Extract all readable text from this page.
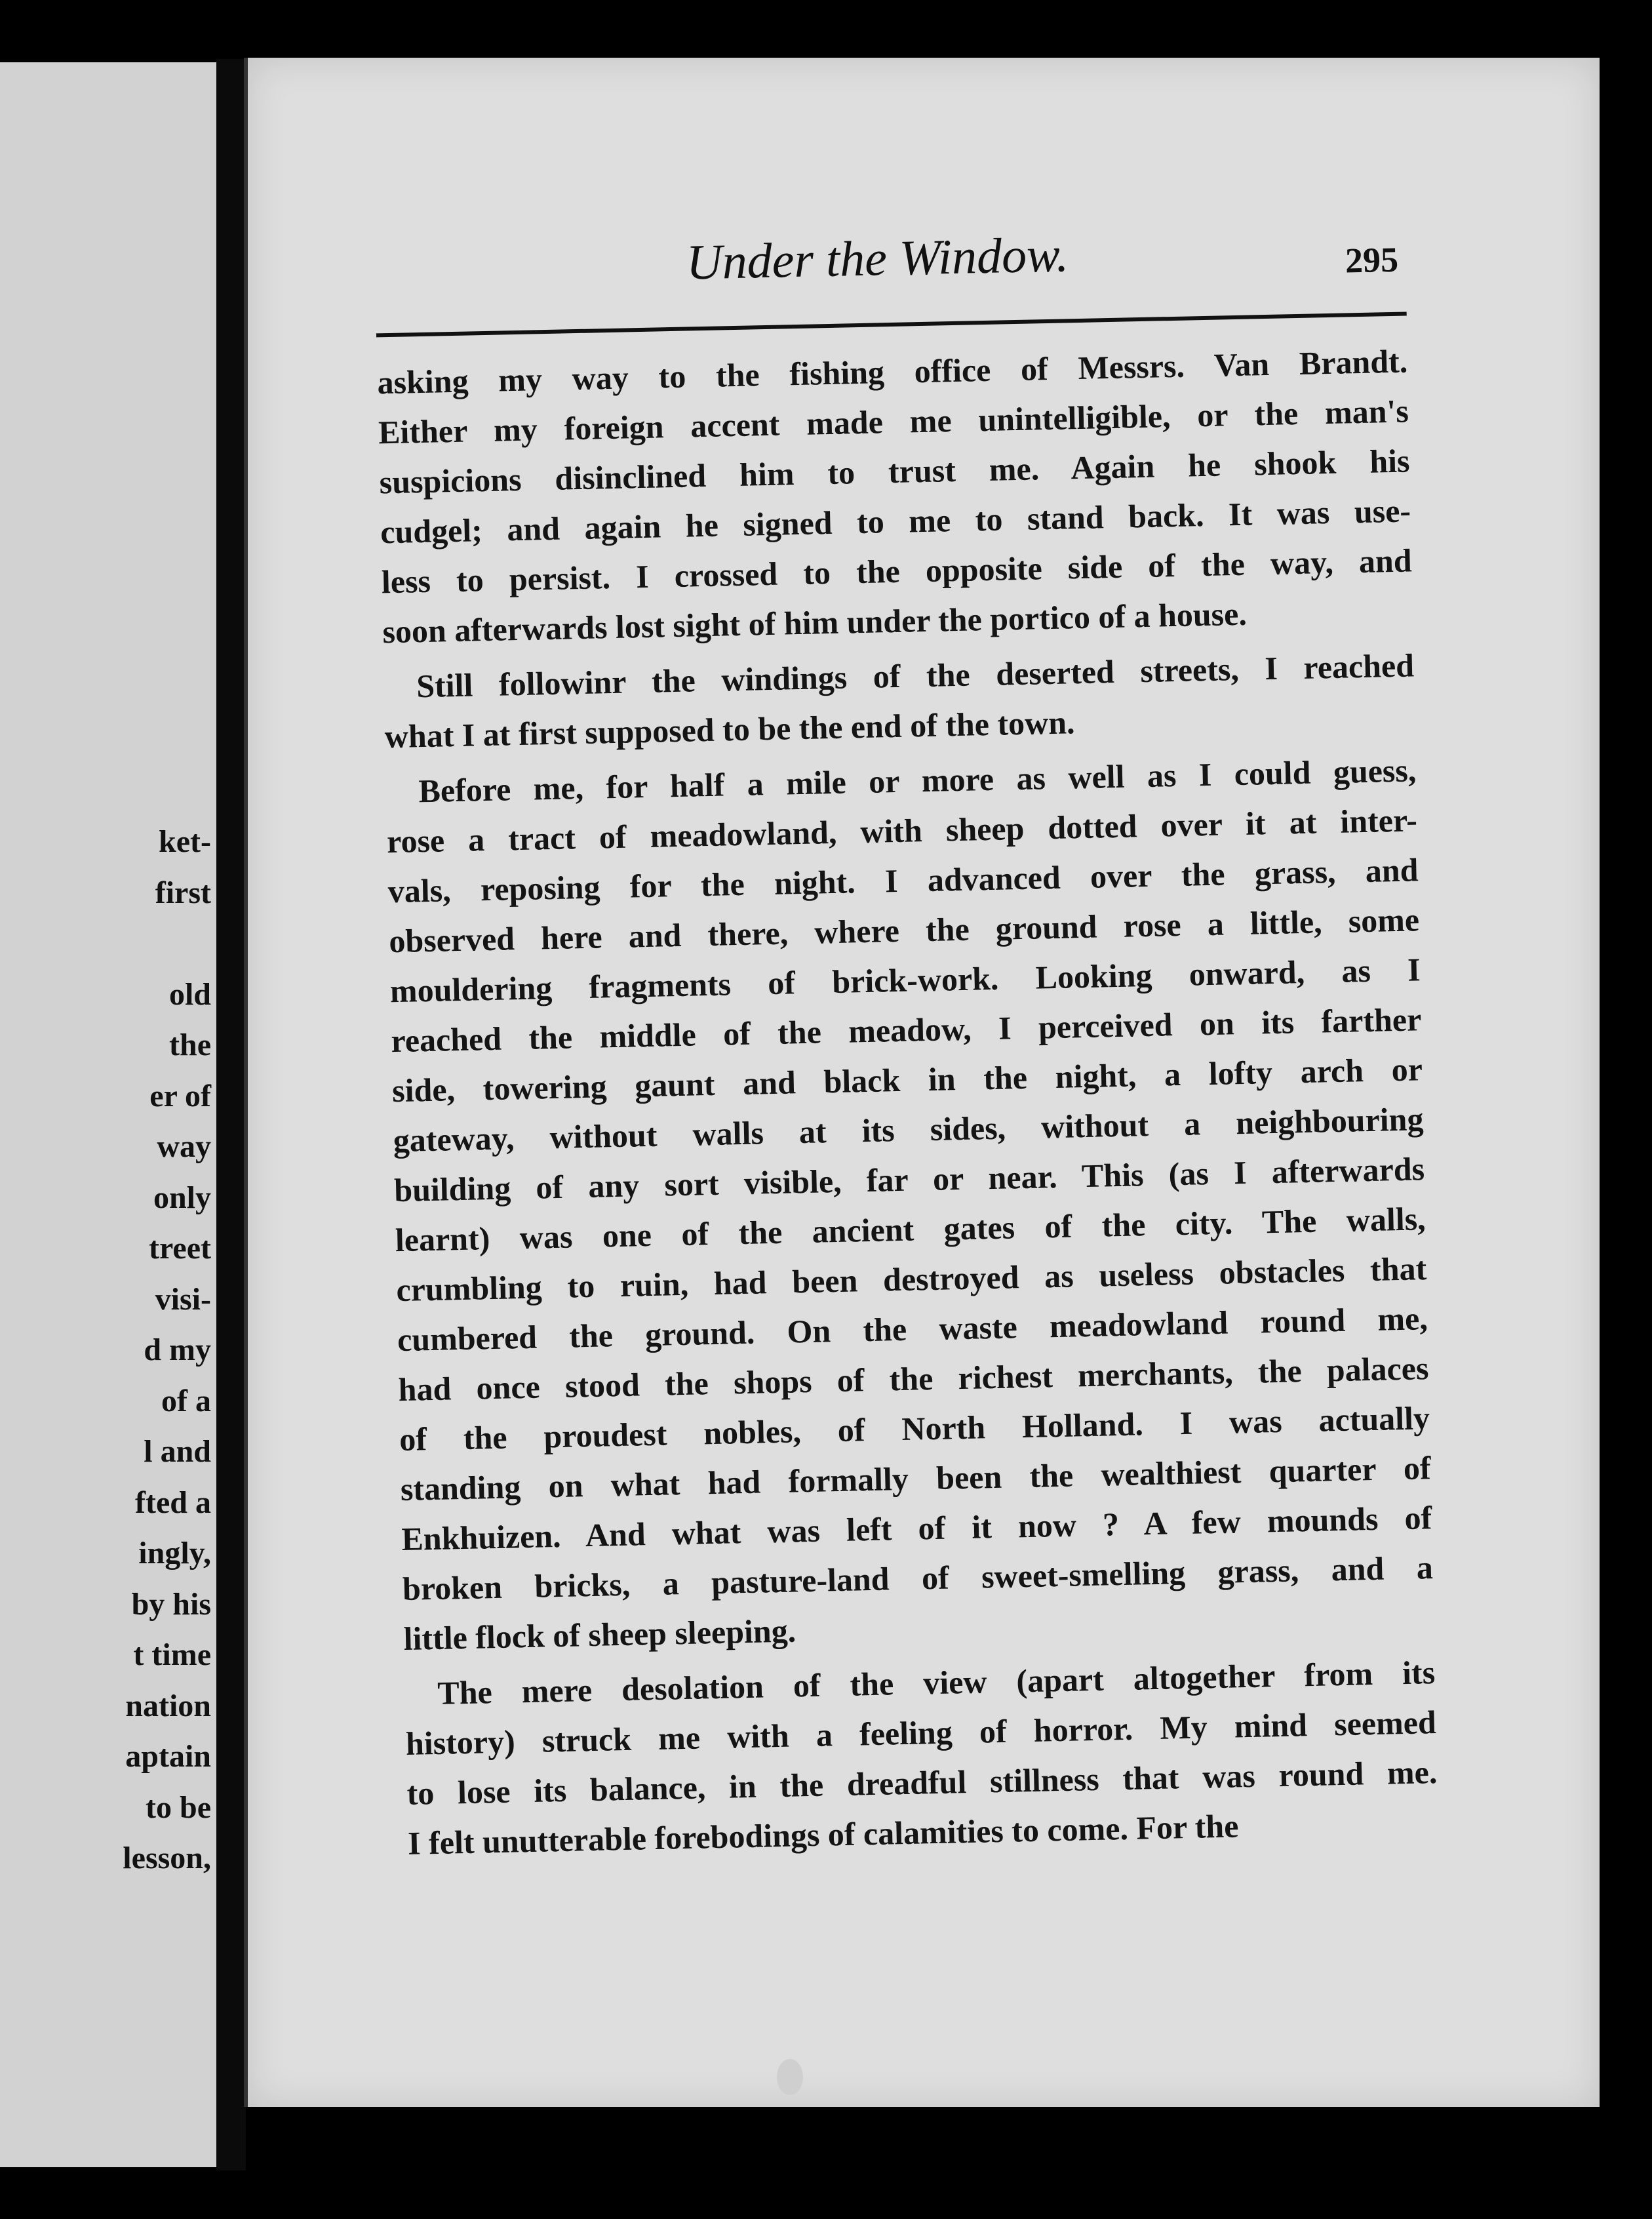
ket-
first

old
the
er of
way
only
treet
visi-
d my
of a
l and
fted a
ingly,
by his
t time
nation
aptain
to be
lesson,
Under the Window.	295
asking my way to the fishing office of Messrs. Van Brandt.
Either my foreign accent made me unintelligible, or the man's
suspicions disinclined him to trust me. Again he shook his
cudgel; and again he signed to me to stand back. It was use-
less to persist. I crossed to the opposite side of the way, and
soon afterwards lost sight of him under the portico of a house.
Still followinr the windings of the deserted streets, I reached
what I at first supposed to be the end of the town.
Before me, for half a mile or more as well as I could guess,
rose a tract of meadowland, with sheep dotted over it at inter-
vals, reposing for the night. I advanced over the grass, and
observed here and there, where the ground rose a little, some
mouldering fragments of brick-work. Looking onward, as I
reached the middle of the meadow, I perceived on its farther
side, towering gaunt and black in the night, a lofty arch or
gateway, without walls at its sides, without a neighbouring
building of any sort visible, far or near. This (as I afterwards
learnt) was one of the ancient gates of the city. The walls,
crumbling to ruin, had been destroyed as useless obstacles that
cumbered the ground. On the waste meadowland round me,
had once stood the shops of the richest merchants, the palaces
of the proudest nobles, of North Holland. I was actually
standing on what had formally been the wealthiest quarter of
Enkhuizen. And what was left of it now ? A few mounds of
broken bricks, a pasture-land of sweet-smelling grass, and a
little flock of sheep sleeping.
The mere desolation of the view (apart altogether from its
history) struck me with a feeling of horror. My mind seemed
to lose its balance, in the dreadful stillness that was round me.
I felt unutterable forebodings of calamities to come. For the
